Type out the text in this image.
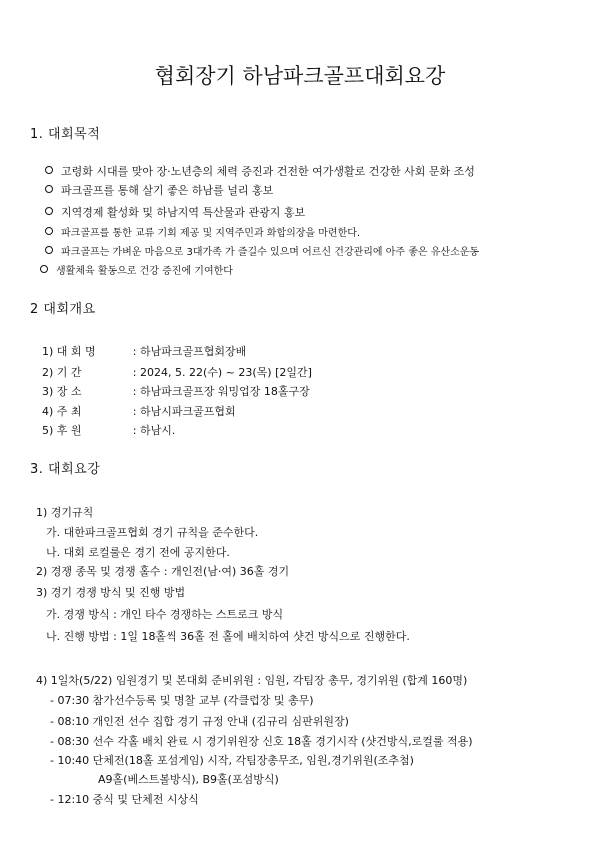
협회장기 하남파크골프대회요강
1. 대회목적
고령화 시대를 맞아 장·노년층의 체력 증진과 건전한 여가생활로 건강한 사회 문화 조성
파크골프를 통해 살기 좋은 하남를 널리 홍보
지역경제 활성화 및 하남지역 특산물과 관광지 홍보
파크골프를 통한 교류 기회 제공 및 지역주민과 화합의장을 마련한다.
파크골프는 가벼운 마음으로 3대가족 가 즐길수 있으며 어르신 건강관리에 아주 좋은 유산소운동
생활체육 활동으로 건강 증진에 기여한다
2 대회개요
1) 대 회 명	: 하남파크골프협회장배
2) 기 간	: 2024, 5. 22(수) ~ 23(목) [2일간]
3) 장 소	: 하남파크골프장 워밍업장 18홀구장
4) 주 최	: 하남시파크골프협회
5) 후 원	: 하남시.
3. 대회요강
1) 경기규칙
가. 대한파크골프협회 경기 규칙을 준수한다.
나. 대회 로컬룰은 경기 전에 공지한다.
2) 경쟁 종목 및 경쟁 홀수 : 개인전(남·여) 36홀 경기
3) 경기 경쟁 방식 및 진행 방법
가. 경쟁 방식 : 개인 타수 경쟁하는 스트로크 방식
나. 진행 방법 : 1일 18홀씩 36홀 전 홀에 배치하여 샷건 방식으로 진행한다.
4) 1일차(5/22) 임원경기 및 본대회 준비위원 : 임원, 각팀장 총무, 경기위원 (합계 160명)
- 07:30 참가선수등록 및 명찰 교부 (각클럽장 및 총무)
- 08:10 개인전 선수 집합 경기 규정 안내 (김규리 심판위원장)
- 08:30 선수 각홀 배치 완료 시 경기위원장 신호 18홀 경기시작 (샷건방식,로컬룰 적용)
- 10:40 단체전(18홀 포섬게임) 시작, 각팀장총무조, 임원,경기위원(조추첨)
A9홀(베스트볼방식), B9홀(포섬방식)
- 12:10 중식 및 단체전 시상식
